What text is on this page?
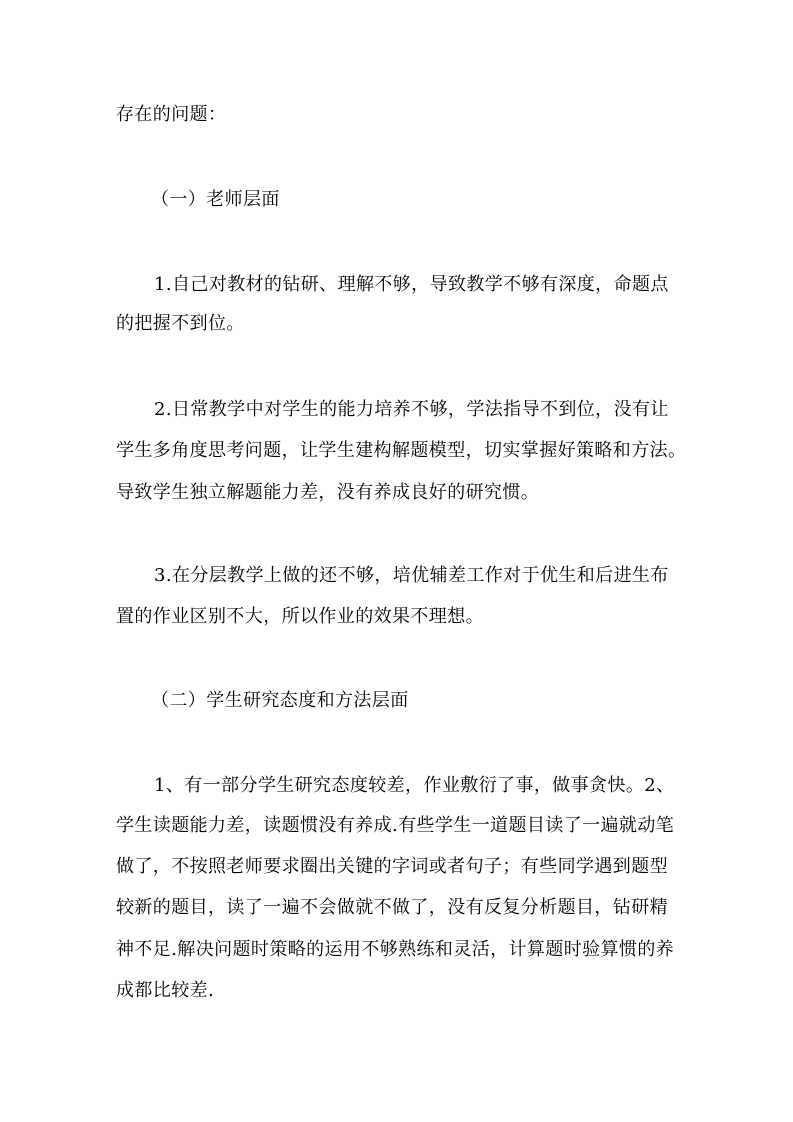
存在的问题：

（一）老师层面

1.自己对教材的钻研、理解不够，导致教学不够有深度，命题点

的把握不到位。

2.日常教学中对学生的能力培养不够，学法指导不到位，没有让

学生多角度思考问题，让学生建构解题模型，切实掌握好策略和方法。

导致学生独立解题能力差，没有养成良好的研究惯。

3.在分层教学上做的还不够，培优辅差工作对于优生和后进生布

置的作业区别不大，所以作业的效果不理想。

（二）学生研究态度和方法层面

1、有一部分学生研究态度较差，作业敷衍了事，做事贪快。2、

学生读题能力差，读题惯没有养成.有些学生一道题目读了一遍就动笔

做了，不按照老师要求圈出关键的字词或者句子；有些同学遇到题型

较新的题目，读了一遍不会做就不做了，没有反复分析题目，钻研精

神不足.解决问题时策略的运用不够熟练和灵活，计算题时验算惯的养

成都比较差.
